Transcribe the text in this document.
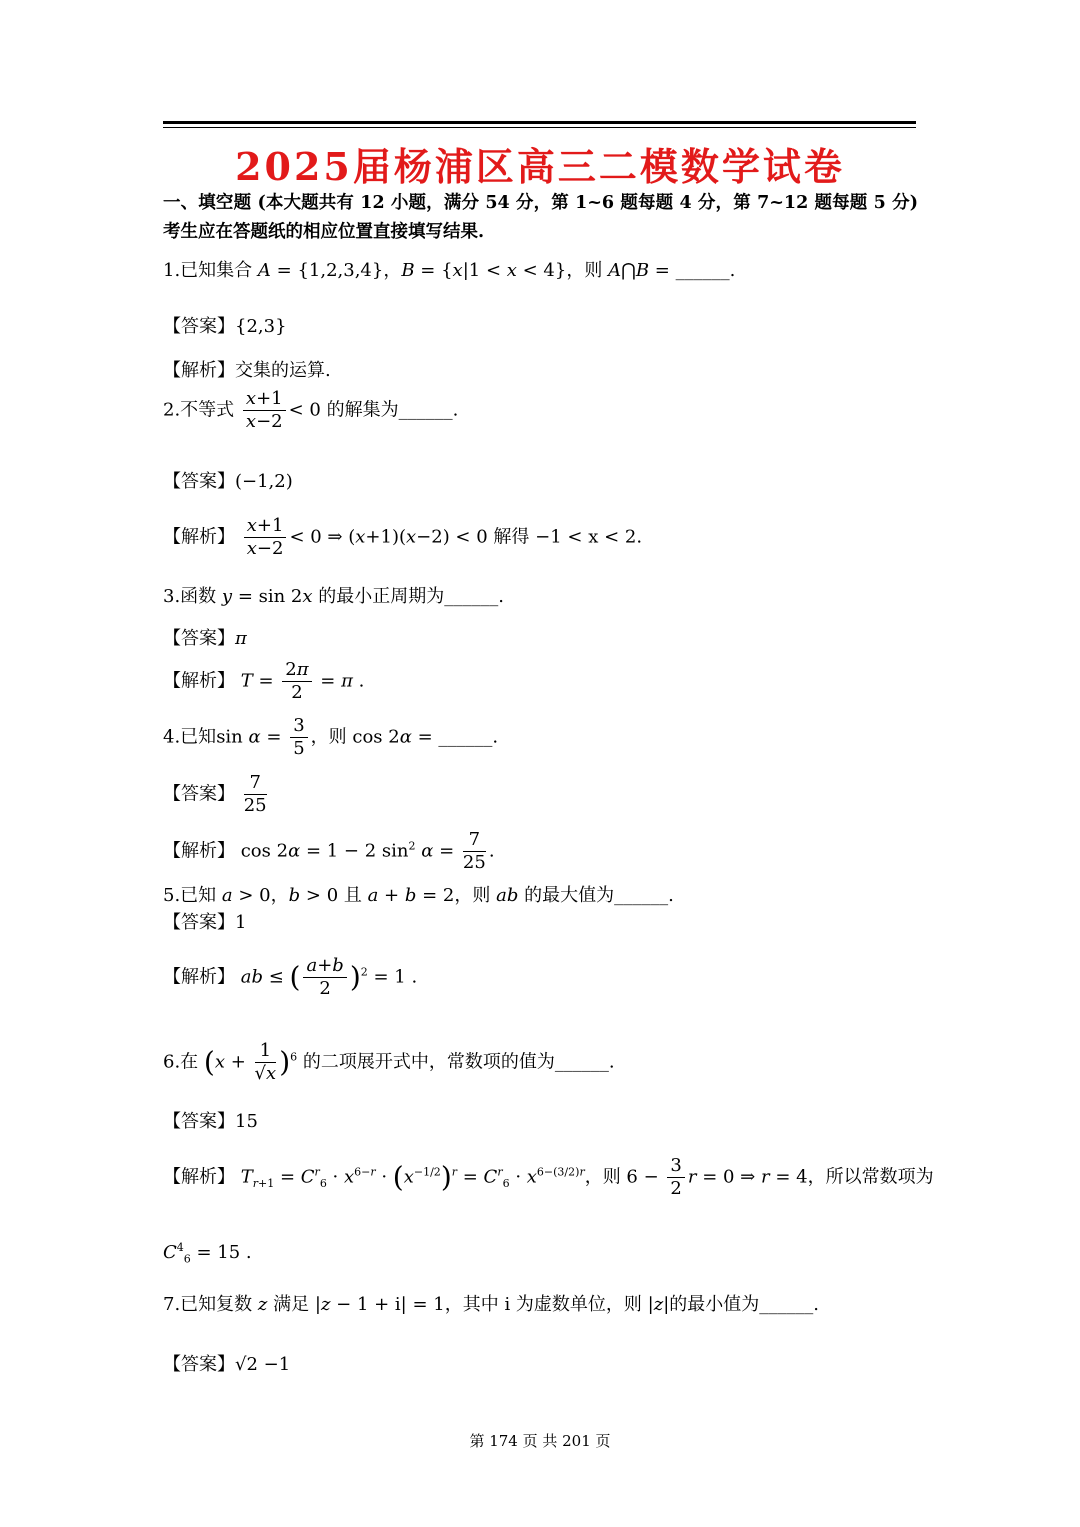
2025届杨浦区高三二模数学试卷
一、填空题 (本大题共有 12 小题，满分 54 分，第 1~6 题每题 4 分，第 7~12 题每题 5 分) 考生应在答题纸的相应位置直接填写结果.
1.已知集合 A = {1,2,3,4}，B = {x|1 < x < 4}，则 A⋂B = ______.
【答案】{2,3}
【解析】交集的运算.
2.不等式 $\frac{x+1}{x-2} < 0$ 的解集为______.
【答案】(−1,2)
【解析】 $\frac{x+1}{x-2} < 0$ ⇒ (x+1)(x−2) < 0 解得 −1 < x < 2.
3.函数 y = sin 2x 的最小正周期为______.
【答案】π
【解析】 $T = \frac{2\pi}{2} = \pi$ .
4.已知$\sin \alpha = \frac{3}{5}$ ，则 cos 2α = ______.
【答案】 $\frac{7}{25}$
【解析】 cos 2α = 1 − 2 $\sin^2 \alpha = \frac{7}{25}$ .
5.已知 a > 0，b > 0 且 a + b = 2，则 ab 的最大值为______.
【答案】1
【解析】 ab ≤ ( $\frac{a+b}{2} )^2 = 1$ .
6.在 $(x + \frac{1}{√x} )^6$ 的二项展开式中，常数项的值为______.
【答案】15
【解析】 $T_{r+1} = C^r_6 \cdot x^{6-r} \cdot (x^{-1/2})^r = C^r_6 \cdot x^{6-(3/2)r}$，则 $6 - \frac{3}{2}$ r = 0 ⇒ r = 4，所以常数项为
$C^4_6 = 15$ .
7.已知复数 z 满足 |z − 1 + i| = 1，其中 i 为虚数单位，则 |z|的最小值为______.
【答案】√2 −1
第 174 页 共 201 页
